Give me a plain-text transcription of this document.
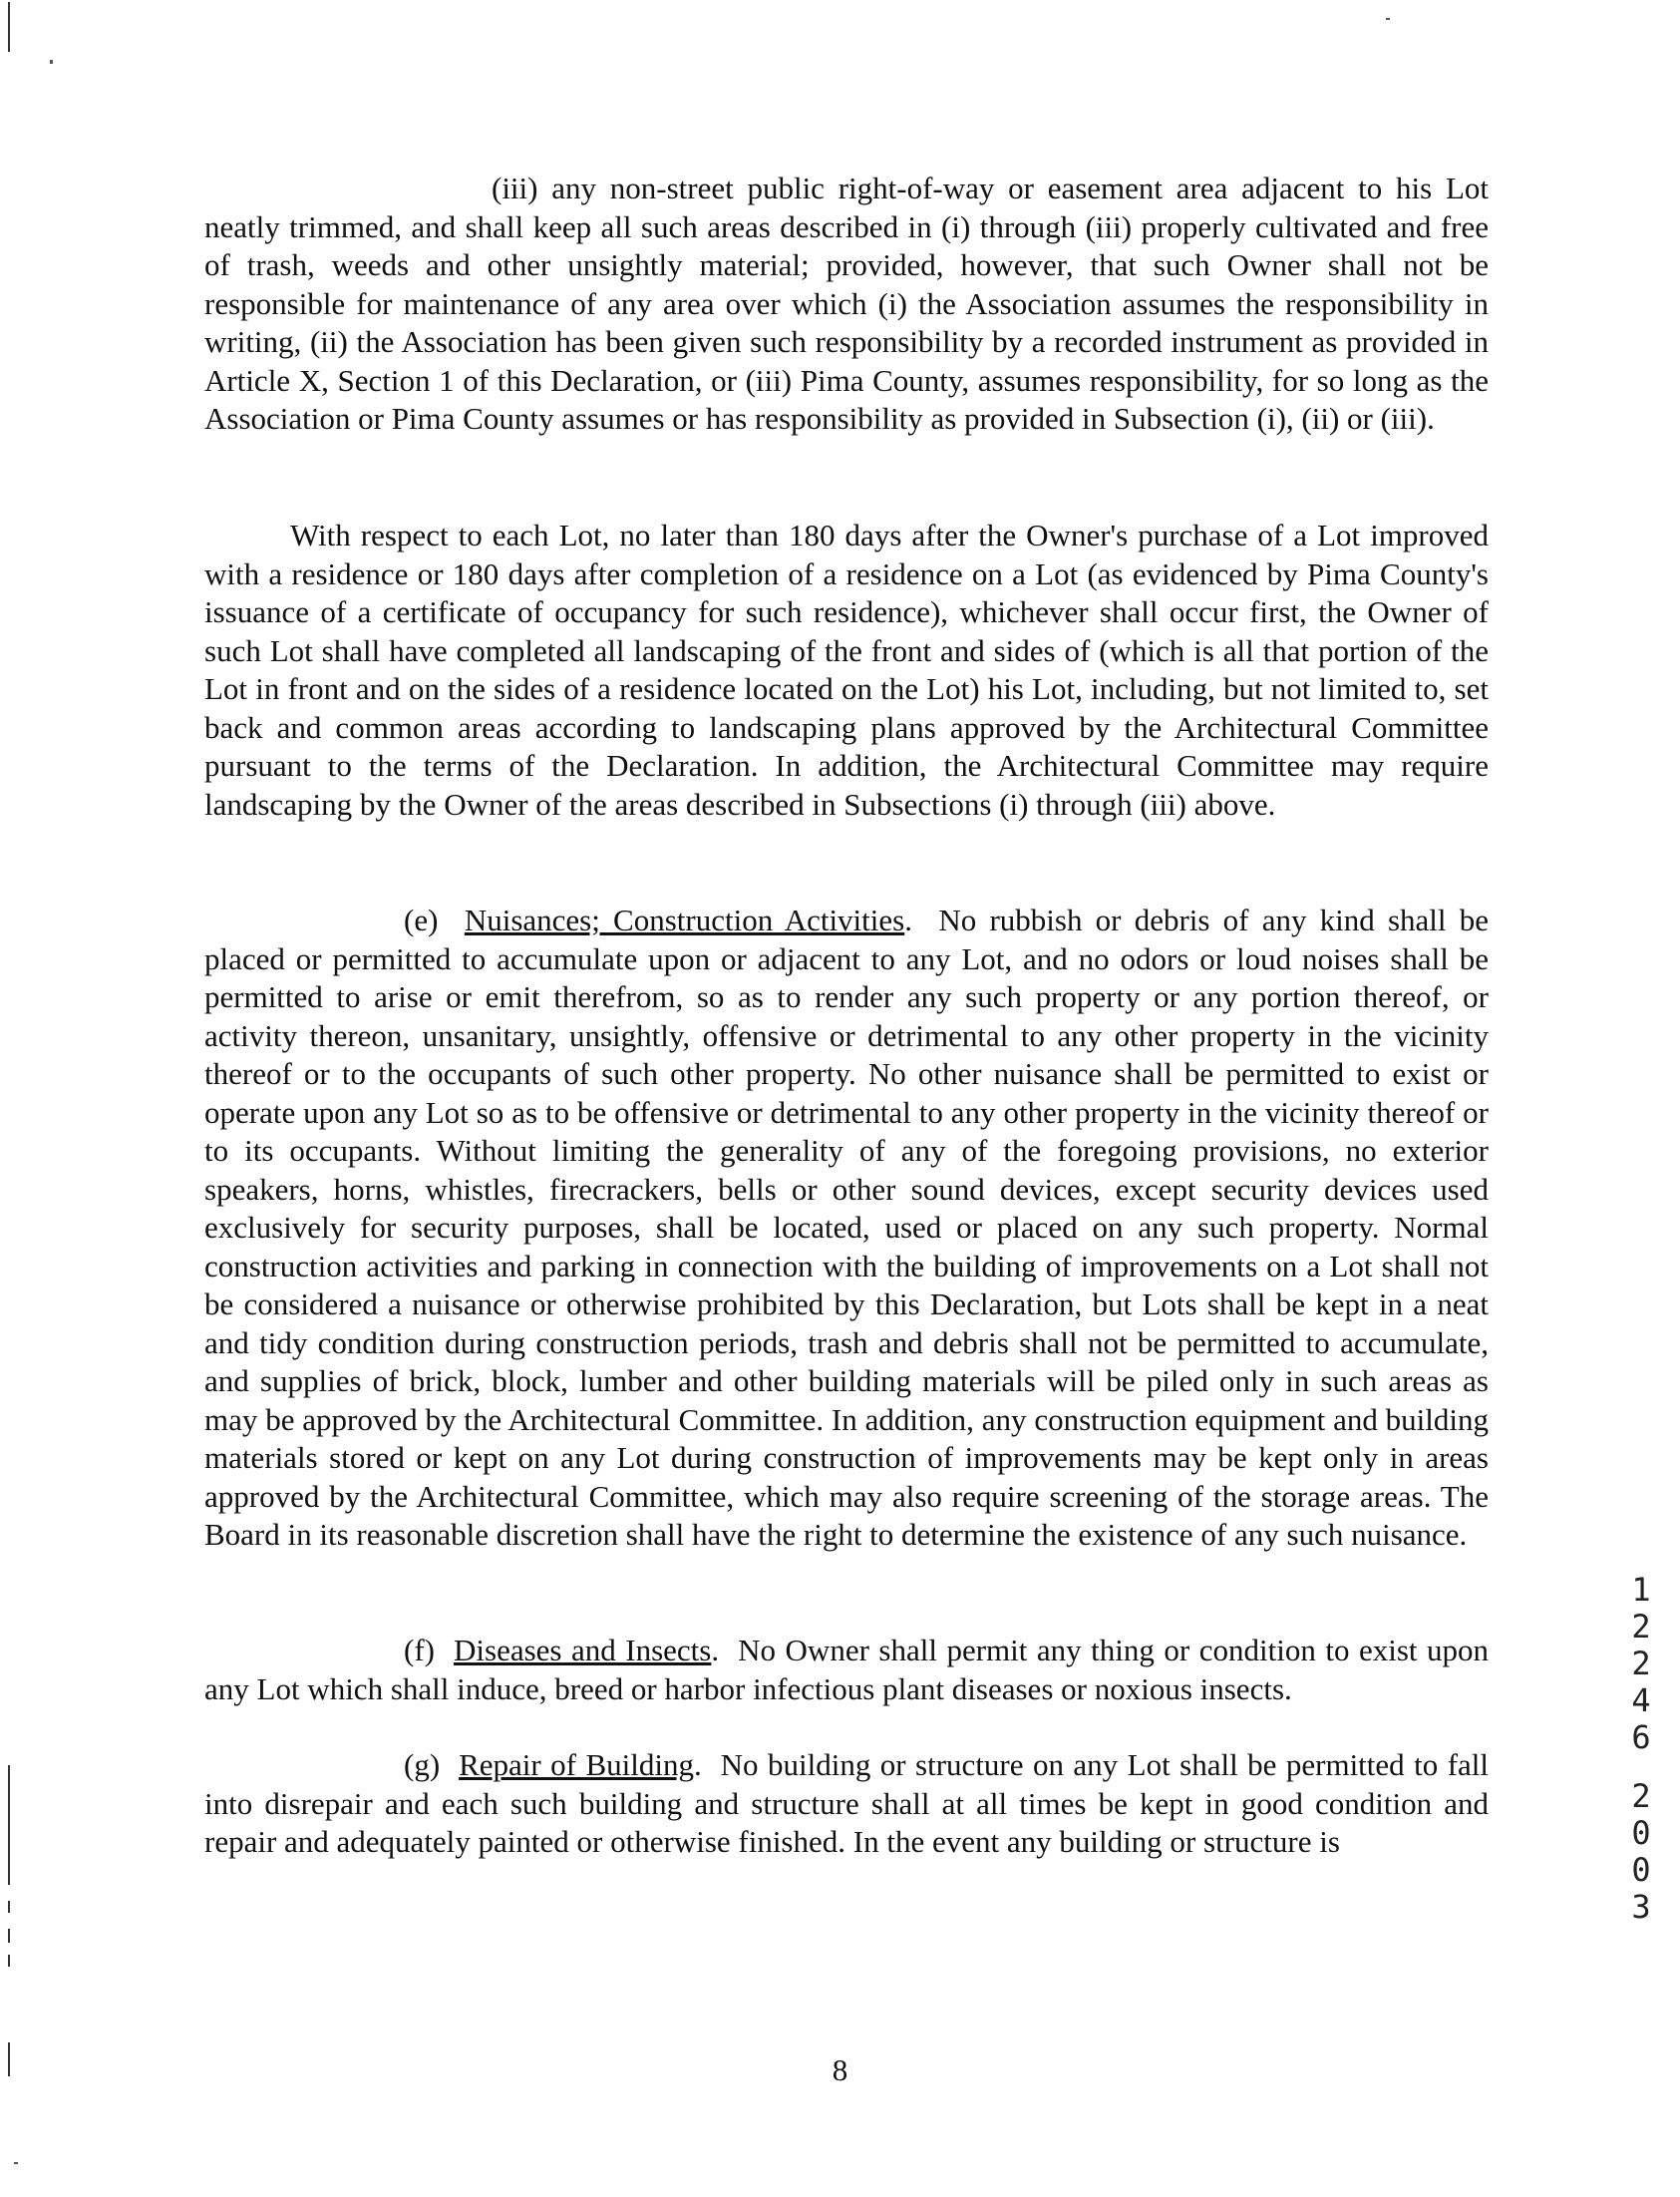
(iii) any non-street public right-of-way or easement area adjacent to his Lot neatly trimmed, and shall keep all such areas described in (i) through (iii) properly cultivated and free of trash, weeds and other unsightly material; provided, however, that such Owner shall not be responsible for maintenance of any area over which (i) the Association assumes the responsibility in writing, (ii) the Association has been given such responsibility by a recorded instrument as provided in Article X, Section 1 of this Declaration, or (iii) Pima County, assumes responsibility, for so long as the Association or Pima County assumes or has responsibility as provided in Subsection (i), (ii) or (iii).

With respect to each Lot, no later than 180 days after the Owner's purchase of a Lot improved with a residence or 180 days after completion of a residence on a Lot (as evidenced by Pima County's issuance of a certificate of occupancy for such residence), whichever shall occur first, the Owner of such Lot shall have completed all landscaping of the front and sides of (which is all that portion of the Lot in front and on the sides of a residence located on the Lot) his Lot, including, but not limited to, set back and common areas according to landscaping plans approved by the Architectural Committee pursuant to the terms of the Declaration. In addition, the Architectural Committee may require landscaping by the Owner of the areas described in Subsections (i) through (iii) above.

(e) Nuisances; Construction Activities.  No rubbish or debris of any kind shall be placed or permitted to accumulate upon or adjacent to any Lot, and no odors or loud noises shall be permitted to arise or emit therefrom, so as to render any such property or any portion thereof, or activity thereon, unsanitary, unsightly, offensive or detrimental to any other property in the vicinity thereof or to the occupants of such other property. No other nuisance shall be permitted to exist or operate upon any Lot so as to be offensive or detrimental to any other property in the vicinity thereof or to its occupants. Without limiting the generality of any of the foregoing provisions, no exterior speakers, horns, whistles, firecrackers, bells or other sound devices, except security devices used exclusively for security purposes, shall be located, used or placed on any such property. Normal construction activities and parking in connection with the building of improvements on a Lot shall not be considered a nuisance or otherwise prohibited by this Declaration, but Lots shall be kept in a neat and tidy condition during construction periods, trash and debris shall not be permitted to accumulate, and supplies of brick, block, lumber and other building materials will be piled only in such areas as may be approved by the Architectural Committee. In addition, any construction equipment and building materials stored or kept on any Lot during construction of improvements may be kept only in areas approved by the Architectural Committee, which may also require screening of the storage areas. The Board in its reasonable discretion shall have the right to determine the existence of any such nuisance.

(f) Diseases and Insects.  No Owner shall permit any thing or condition to exist upon any Lot which shall induce, breed or harbor infectious plant diseases or noxious insects.

(g) Repair of Building.  No building or structure on any Lot shall be permitted to fall into disrepair and each such building and structure shall at all times be kept in good condition and repair and adequately painted or otherwise finished. In the event any building or structure is

1
2
2
4
6
2
0
0
3

8
